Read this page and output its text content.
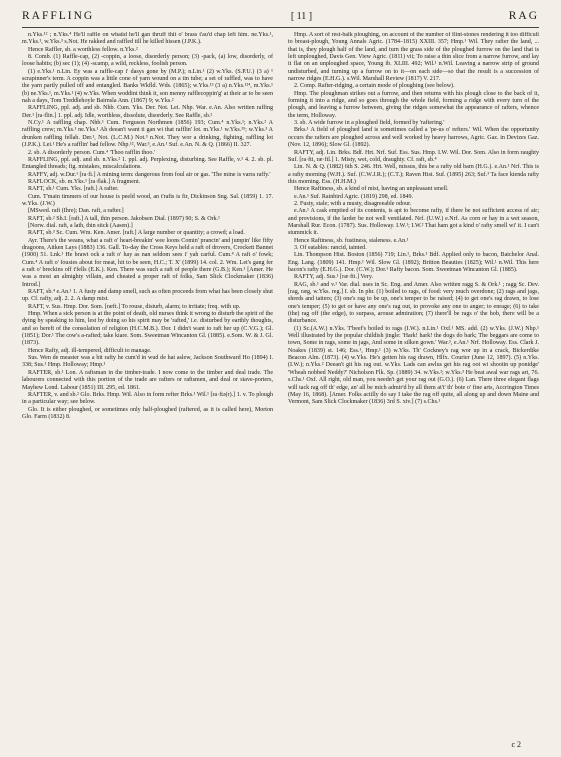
RAFFLING	[ 11 ]	RAG

n.Yks.¹² ; n.Yks.⁴ He'll raffle on whaüd he'll gan thruff thit o' brass t'au'd chap left him. ne.Yks.¹, m.Yks.¹, w.Yks.³ s.Not. He rakked and raffled till he killed hissen (J.P.K.).

Hence Raffler, sb. a worthless fellow. n.Yks.²

8. Comb. (1) Raffle-cap, (2) -coppin, a loose, disorderly person; (3) -pack, (a) low, disorderly, of loose habits; (b) sec (1); (4) -scamp, a wild, reckless, foolish person.

(1) e.Yks.¹ n.Lin. Ey was a raffle-cap i' dasys gone by (M.P.); n.Lin.¹ (2) w.Yks. (S.P.U.) (3 a) ¹ scrapinner's term. A coppin was a little cone of yarn wound on a tin tube; a set of raffled, was to have the yarn partly pulled off and entangled. Banks Wkfld. Wds. (1865); w.Yks.¹³ (3 a) n.Yks.¹²⁴, m.Yks.¹ (b) ne.Yks.¹, m.Yks.¹ (4) w.Yks. When woddint think it, son menny rafflecoppin'g' at their ar to be seen nah a days, Tom Treddlehoyle Bairnsla Ann. (1867) 9; w.Yks.²

RAFFLING, ppl. adj. and sb. Nhb. Cum. Yks. Der. Not. Lei. Nhp. War. e.An. Also written raffing Der.¹ [ra·flin.] 1. ppl. adj. Idle, worthless, dissolute, disorderly. See Raffle, sb.²

N.Cy.¹ A raffling chap. Nhb.¹ Cum. Ferguson Northmen (1856) 193; Cum.⁴ n.Yks.¹; n.Yks.² A raffling crew; m.Yks.¹ ne.Yks.¹ Ah deean't want ti gan wi that rafflin' lot. m.Yks.¹ w.Yks.¹⁵; w.Yks.³ A drunken raffling fellah. Der.¹, Not. (L.C.M.) Not.³ n.Not. They wor a drinking, fighting, raffling lot (J.P.K.). Lei.¹ He's a rafflin' bad fellow. Nhp.¹², War.³, e.An.¹ Suf. e.An. N. & Q. (1866) II. 327.

2. sb. A disorderly person. Cum.⁴ 'Thoo rafflin thoo.'

RAFFLING, ppl. adj. and sb. n.Yks.² 1. ppl. adj. Perplexing, disturbing. See Raffle, v.¹ 4. 2. sb. pl. Entangled threads; fig. mistakes, miscalculations.

RAFFY, adj. w.Dur.¹ [ra·fi.] A mining term: dangerous from foul air or gas. 'The mine is varra raffy.'

RAFLOCK, sb. m.Yks.¹ [ra·flak.] A fragment.

RAFT, sb.¹ Cum. Yks. [raft.] A rafter.

Cum. T'main timmers of our house is peeld wood, an t'rafts is fir, Dickinson Sng. Sal. (1859) 1. 17. w.Yks. (J.W.)

[MSwed. raft (Ihre); Dan. raft, a rafter.]

RAFT, sb.² Sh.I. [raft.] A tall, thin person. Jakobsen Dial. (1897) 90; S. & Ork.¹

[Norw. dial. raft, a lath, thin stick (Aasen).]

RAFT, sb.³ Sc. Cum. Wm. Ken. Amer. [raft.] A large number or quantity; a crowd; a load.

Ayr. There's the weans, what a raft o' heart-breakin' wee loons Comin' prancin' and jumpin' like fifty dragoons, Aitken Lays (1883) 136. Gall. To-day the Cross Keys held a raft of drovers, Crockett Bannet (1900) 51. Lnk.¹ He brawt ock a raft o' hay as nan seldom sees i' yah carful. Cum.⁴ A raft o' fowk; Cum.⁴ A raft o' fousies about for meat, hit to be seen, H.C.; T. X' (1899) 14. col. 2. Wm. Let's gang fer a raft o' breckins off t'fells (E.K.). Ken. There was such a raft of people there (G.B.); Ken.¹ [Amer. He was a most an almighty villain, and cheated a proper raft of folks, Sam Slick Clockmaker (1836) Introd.]

RAFT, sb.⁴ e.An.¹ 1. A fusty and damp smell, such as often proceeds from what has been closely shut up. Cf. rafty, adj. 2. 2. A damp mist.

RAFT, v. Sus. Hmp. Dor. Som. [ræft.] To rouse, disturb, alarm; to irritate; freq. with up.

Hmp. When a sick person is at the point of death, old nurses think it wrong to disturb the spirit of the dying by speaking to him, lest by doing so his spirit may be 'rafted,' i.e. disturbed by earthly thoughts, and so bereft of the consolation of religion (H.C.M.B.). Dor. I didn't want to raft her up (C.V.G.); Gl. (1851); Dor.¹ The cow's a-rafted; take kiare. Som. Sweetman Wincanton Gl. (1885). e.Som. W. & J. Gl. (1873).

Hence Rafty, adj. ill-tempered, difficult to manage.

Sus. Wen de measter was a bit rafty he cum'd in wud de hat aslew, Jackson Southward Ho (1894) I. 338; Sus.¹ Hmp. Holloway; Hmp.¹

RAFTER, sb.¹ Lon. A raftsman in the timber-trade. I now come to the timber and deal trade. The labourers connected with this portion of the trade are rafters or raftsmen, and deal or stave-porters, Mayhew Lond. Labour (1851) III. 295, ed. 1861.

RAFTER, v. and sb.² Glo. Brks. Hmp. Wil. Also in form refter Brks.¹ Wil.¹ [ra·ftə(r).] 1. v. To plough in a particular way; see below.

Glo. It is either ploughed, or sometimes only half-ploughed (raftered, as it is called here), Morton Glo. Farm (1832) 8.

Hmp. A sort of rest-balk ploughing, on account of the number of flint-stones rendering it too difficult to breast-plough, Young Annals Agric. (1784–1815) XXIII. 357; Hmp.¹ Wil. They rafter the land, ... that is, they plough half of the land, and turn the grass side of the ploughed furrow on the land that is left unploughed, Davis Gen. View Agric. (1811) vii; To raise a thin slice from a narrow furrow, and lay it flat on an unploughed space, Young ib. XLIII. 492; Wil.¹ n.Wil. Leaving a narrow strip of ground undisturbed, and turning up a furrow on to it—on each side—so that the result is a succession of narrow ridges (E.H.G.). s.Wil. Marshall Review (1817) V. 217.

2. Comp. Rafter-ridging, a certain mode of ploughing (see below).

Hmp. The ploughman strikes out a furrow, and then returns with his plough close to the back of it, forming it into a ridge, and so goes through the whole field, forming a ridge with every turn of the plough, and leaving a furrow between, giving the ridges somewhat the appearance of rafters, whence the term, Holloway.

3. sb. A wide furrow in a ploughed field, formed by 'raftering.'

Brks.¹ A field of ploughed land is sometimes called a 'pe-us o' refters.' Wil. When the opportunity occurs the rafters are ploughed across and well worked by heavy harrows, Agric. Gaz. in Devizes Gaz. (Nov. 12, 1896); Slow Gl. (1892).

RAFTY, adj. Lin. Brks. Bdf. Hrt. Nrf. Suf. Ess. Sus. Hmp. I.W. Wil. Dor. Som. Also in form raughty Suf. [ra·fti, ræ·ftl.] 1. Misty, wet, cold, draughty. Cf. raft, sb.⁴

Lin. N. & Q. (1882) 6th S. 246. Hrt. Well, missus, this be a rafty old barn (H.G.). e.An.¹ Nrf. This is a rafty morning (W.H.). Suf. (C.W.J.R.); (C.T.); Raven Hist. Suf. (1895) 263; Suf.³ Ta face kienda rafty this morning. Ess. (H.H.M.)

Hence Raftiness, sb. a kind of mist, having an unpleasant smell.

e.An.¹ Suf. Rainbird Agric. (1819) 298, ed. 1849.

2. Fusty, stale; with a musty, disagreeable odour.

e.An.¹ A cask emptied of its contents, is apt to become rafty, if there be not sufficient access of air; and provisions, if the larder be not well ventilated. Nrf. (U.W.) e.Nrf. As corn or hay in a wet season, Marshall Rur. Econ. (1787). Sus. Holloway. I.W.¹; I.W.² That ham got a kind o' rafty smell wi' it. I can't stummick it.

Hence Raftiness, sb. fustiness, staleness. e.An.¹

3. Of eatables: rancid, tainted.

Lin. Thompson Hist. Boston (1856) 719; Lin.¹, Brks.¹ Bdf. Applied only to bacon, Batchelor Anal. Eng. Lang. (1809) 141. Hmp.¹ Wil. Slow Gl. (1892); Britton Beauties (1825); Wil.¹ n.Wil. This here bacon's rafty (E.H.G.). Dor. (C.W.); Dor.¹ Rafty bacon. Som. Sweetman Wincanton Gl. (1885).

RAFTY, adj. Sus.¹ [ræ·fti.] Very.

RAG, sb.¹ and v.¹ Var. dial. uses in Sc. Eng. and Amer. Also written ragg S. & Ork.¹ ; ragg Sc. Dev. [rag, ræg, w.Yks. reg.] I. sb. In phr. (1) boiled to rags, of food: very much overdone; (2) rags and jags, shreds and tatters; (3) one's rag to be up, one's temper to be raised; (4) to get one's rag drawn, to lose one's temper; (5) to get or have any one's rag out, to provoke any one to anger; to enrage; (6) to take (the) rag off (the edge), to surpass, arouse admiration; (7) there'll be rags o' the hob, there will be a disturbance.

(1) Sc.(A.W.) n.Yks. T'beef's boiled to rags (I.W.). n.Lin.¹ Oxf.¹ MS. add. (2) w.Yks. (J.W.) Nhp.¹ Well illustrated by the popular childish jingle: 'Hark! hark! the dogs do bark; The beggars are come to town, Some in rags, some in jags, And some in silken gown.' War.³, e.An.¹ Nrf. Holloway. Ess. Clark J. Noakes (1839) st. 146; Ess.¹, Hmp.¹ (3) w.Yks. Th' Cockney's rag wor up in a crack, Bickerdike Beacon Alm. (1873). (4) w.Yks. He's getten his rag drawn, Hlfx. Courier (June 12, 1897). (5) n.Yks. (I.W.); n.Yks.² Deean't git his rag out. w.Yks. Lads can awlus get his rag oot wi shootin up ponidge' 'Wheah nobbed Neddy?' Nicholson Flk. Sp. (1889) 34. w.Yks.²; w.Yks.³ He beat awal war rags art, 76. s.Chs.¹ Oxf. All right, old man, you needn't get your rag out (G.O.). (6) Lan. There three elegant flags will tack rag off th' edge, an' all be mich admir'd by all them at't' th' bote o' fine arts, Accrington Times (May 16, 1868). [Amer. Folks actilly do say I take the rag off quite, all along up and down Maine and Vermont, Sam Slick Clockmaker (1836) 3rd S. xiv.] (7) s.Chs.¹

c 2
